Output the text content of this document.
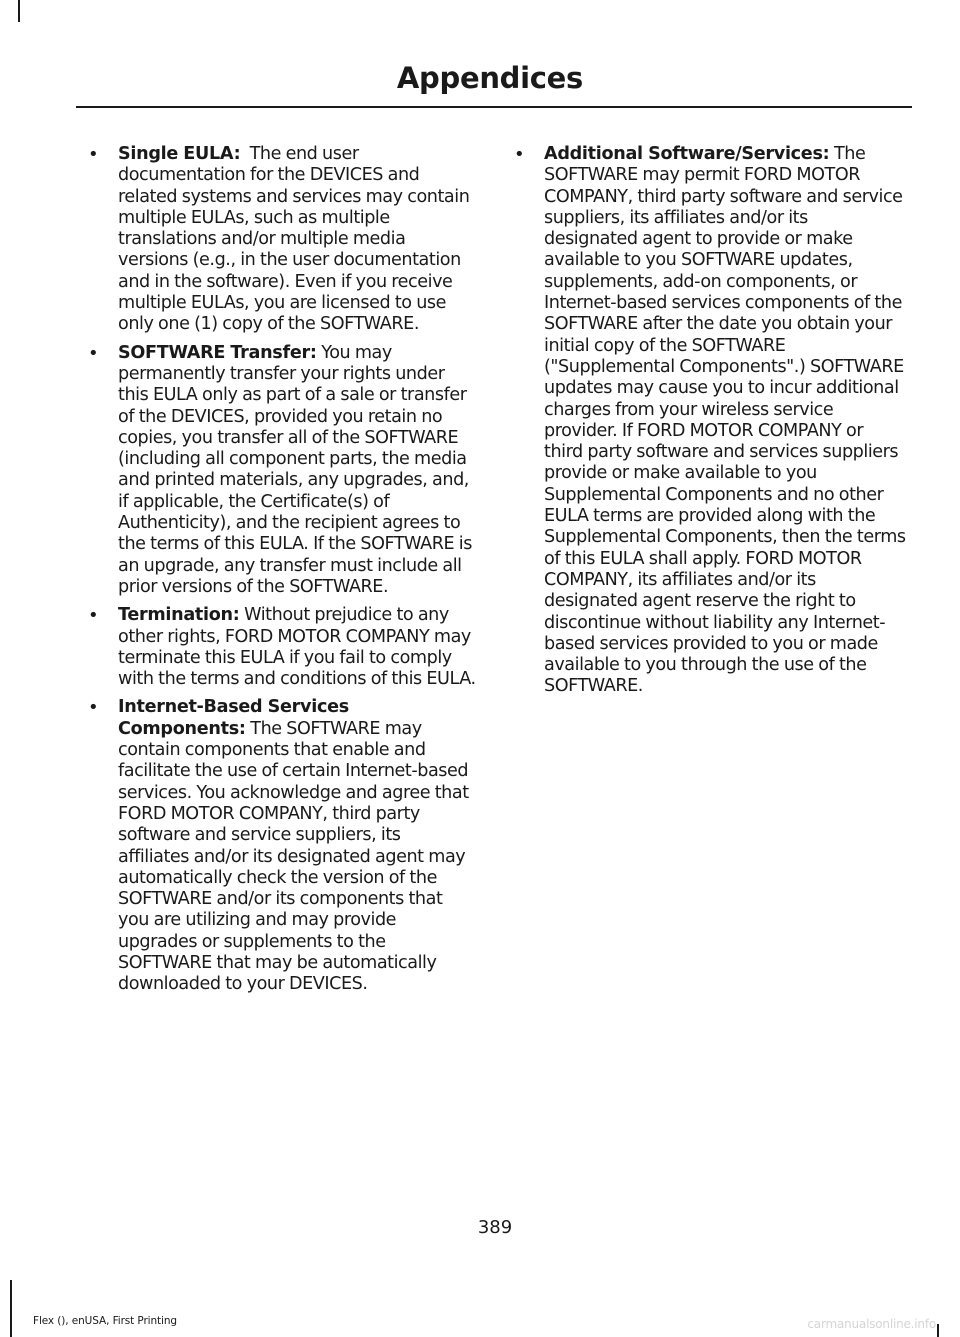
Appendices
• Single EULA:  The end user documentation for the DEVICES and related systems and services may contain multiple EULAs, such as multiple translations and/or multiple media versions (e.g., in the user documentation and in the software). Even if you receive multiple EULAs, you are licensed to use only one (1) copy of the SOFTWARE.
• SOFTWARE Transfer: You may permanently transfer your rights under this EULA only as part of a sale or transfer of the DEVICES, provided you retain no copies, you transfer all of the SOFTWARE (including all component parts, the media and printed materials, any upgrades, and, if applicable, the Certificate(s) of Authenticity), and the recipient agrees to the terms of this EULA. If the SOFTWARE is an upgrade, any transfer must include all prior versions of the SOFTWARE.
• Termination: Without prejudice to any other rights, FORD MOTOR COMPANY may terminate this EULA if you fail to comply with the terms and conditions of this EULA.
• Internet-Based Services Components: The SOFTWARE may contain components that enable and facilitate the use of certain Internet-based services. You acknowledge and agree that FORD MOTOR COMPANY, third party software and service suppliers, its affiliates and/or its designated agent may automatically check the version of the SOFTWARE and/or its components that you are utilizing and may provide upgrades or supplements to the SOFTWARE that may be automatically downloaded to your DEVICES.
• Additional Software/Services: The SOFTWARE may permit FORD MOTOR COMPANY, third party software and service suppliers, its affiliates and/or its designated agent to provide or make available to you SOFTWARE updates, supplements, add-on components, or Internet-based services components of the SOFTWARE after the date you obtain your initial copy of the SOFTWARE ("Supplemental Components".) SOFTWARE updates may cause you to incur additional charges from your wireless service provider. If FORD MOTOR COMPANY or third party software and services suppliers provide or make available to you Supplemental Components and no other EULA terms are provided along with the Supplemental Components, then the terms of this EULA shall apply. FORD MOTOR COMPANY, its affiliates and/or its designated agent reserve the right to discontinue without liability any Internet-based services provided to you or made available to you through the use of the SOFTWARE.
389
Flex (), enUSA, First Printing	carmanualsonline.info
